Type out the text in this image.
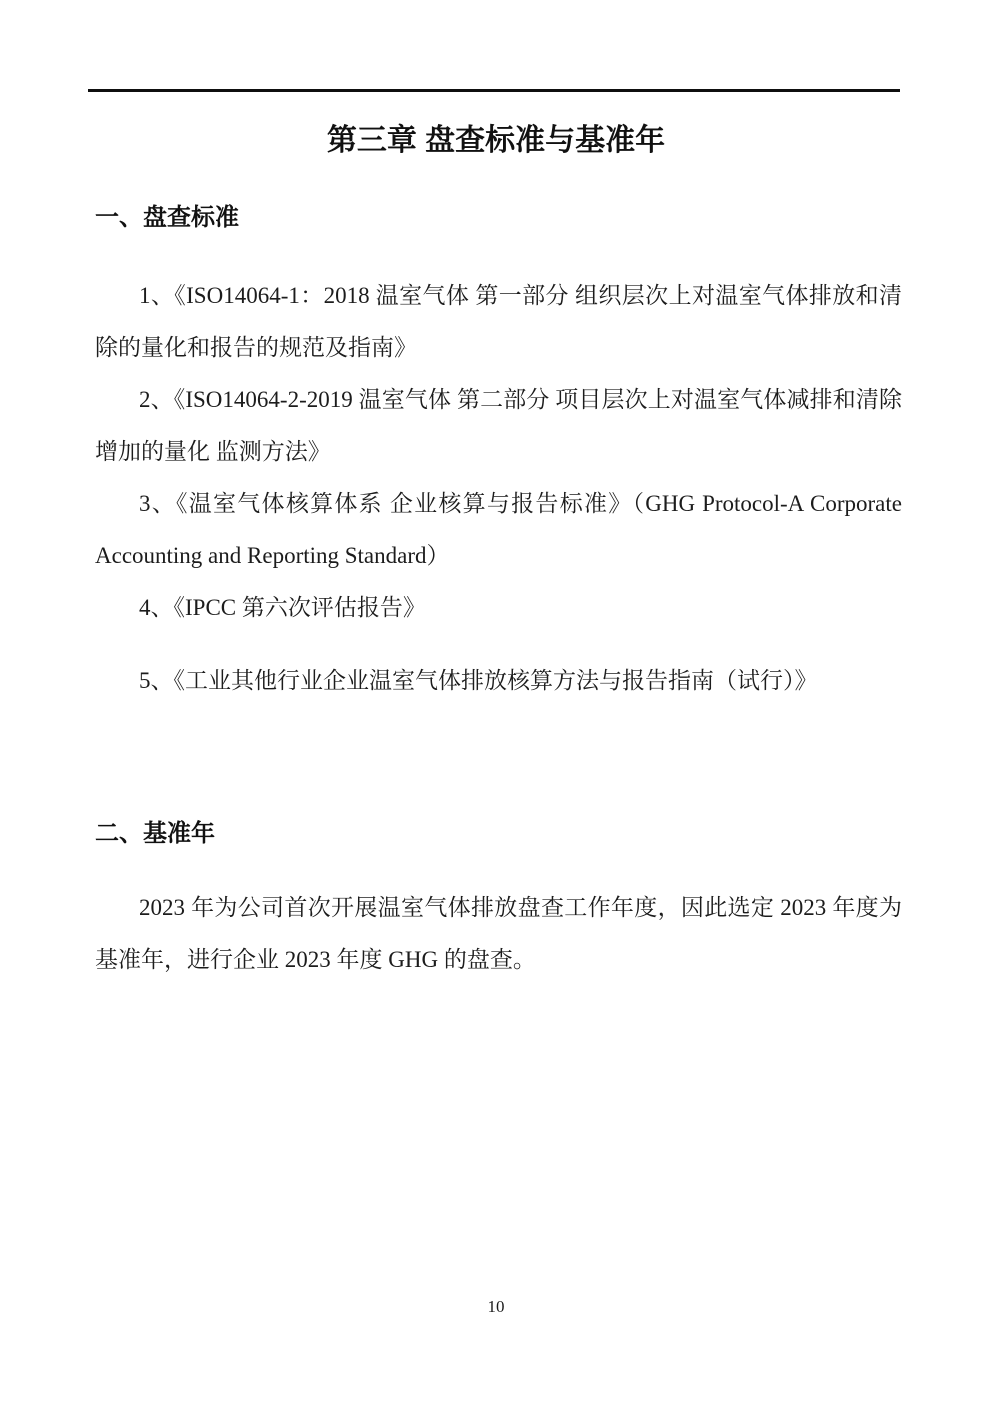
第三章 盘查标准与基准年
一、盘查标准

1、《ISO14064-1：2018 温室气体 第一部分 组织层次上对温室气体排放和清除的量化和报告的规范及指南》

2、《ISO14064-2-2019 温室气体 第二部分 项目层次上对温室气体减排和清除增加的量化 监测方法》

3、《温室气体核算体系 企业核算与报告标准》（GHG Protocol-A Corporate Accounting and Reporting Standard）

4、《IPCC 第六次评估报告》

5、《工业其他行业企业温室气体排放核算方法与报告指南（试行）》

二、基准年

2023 年为公司首次开展温室气体排放盘查工作年度，因此选定 2023 年度为基准年，进行企业 2023 年度 GHG 的盘查。

10
